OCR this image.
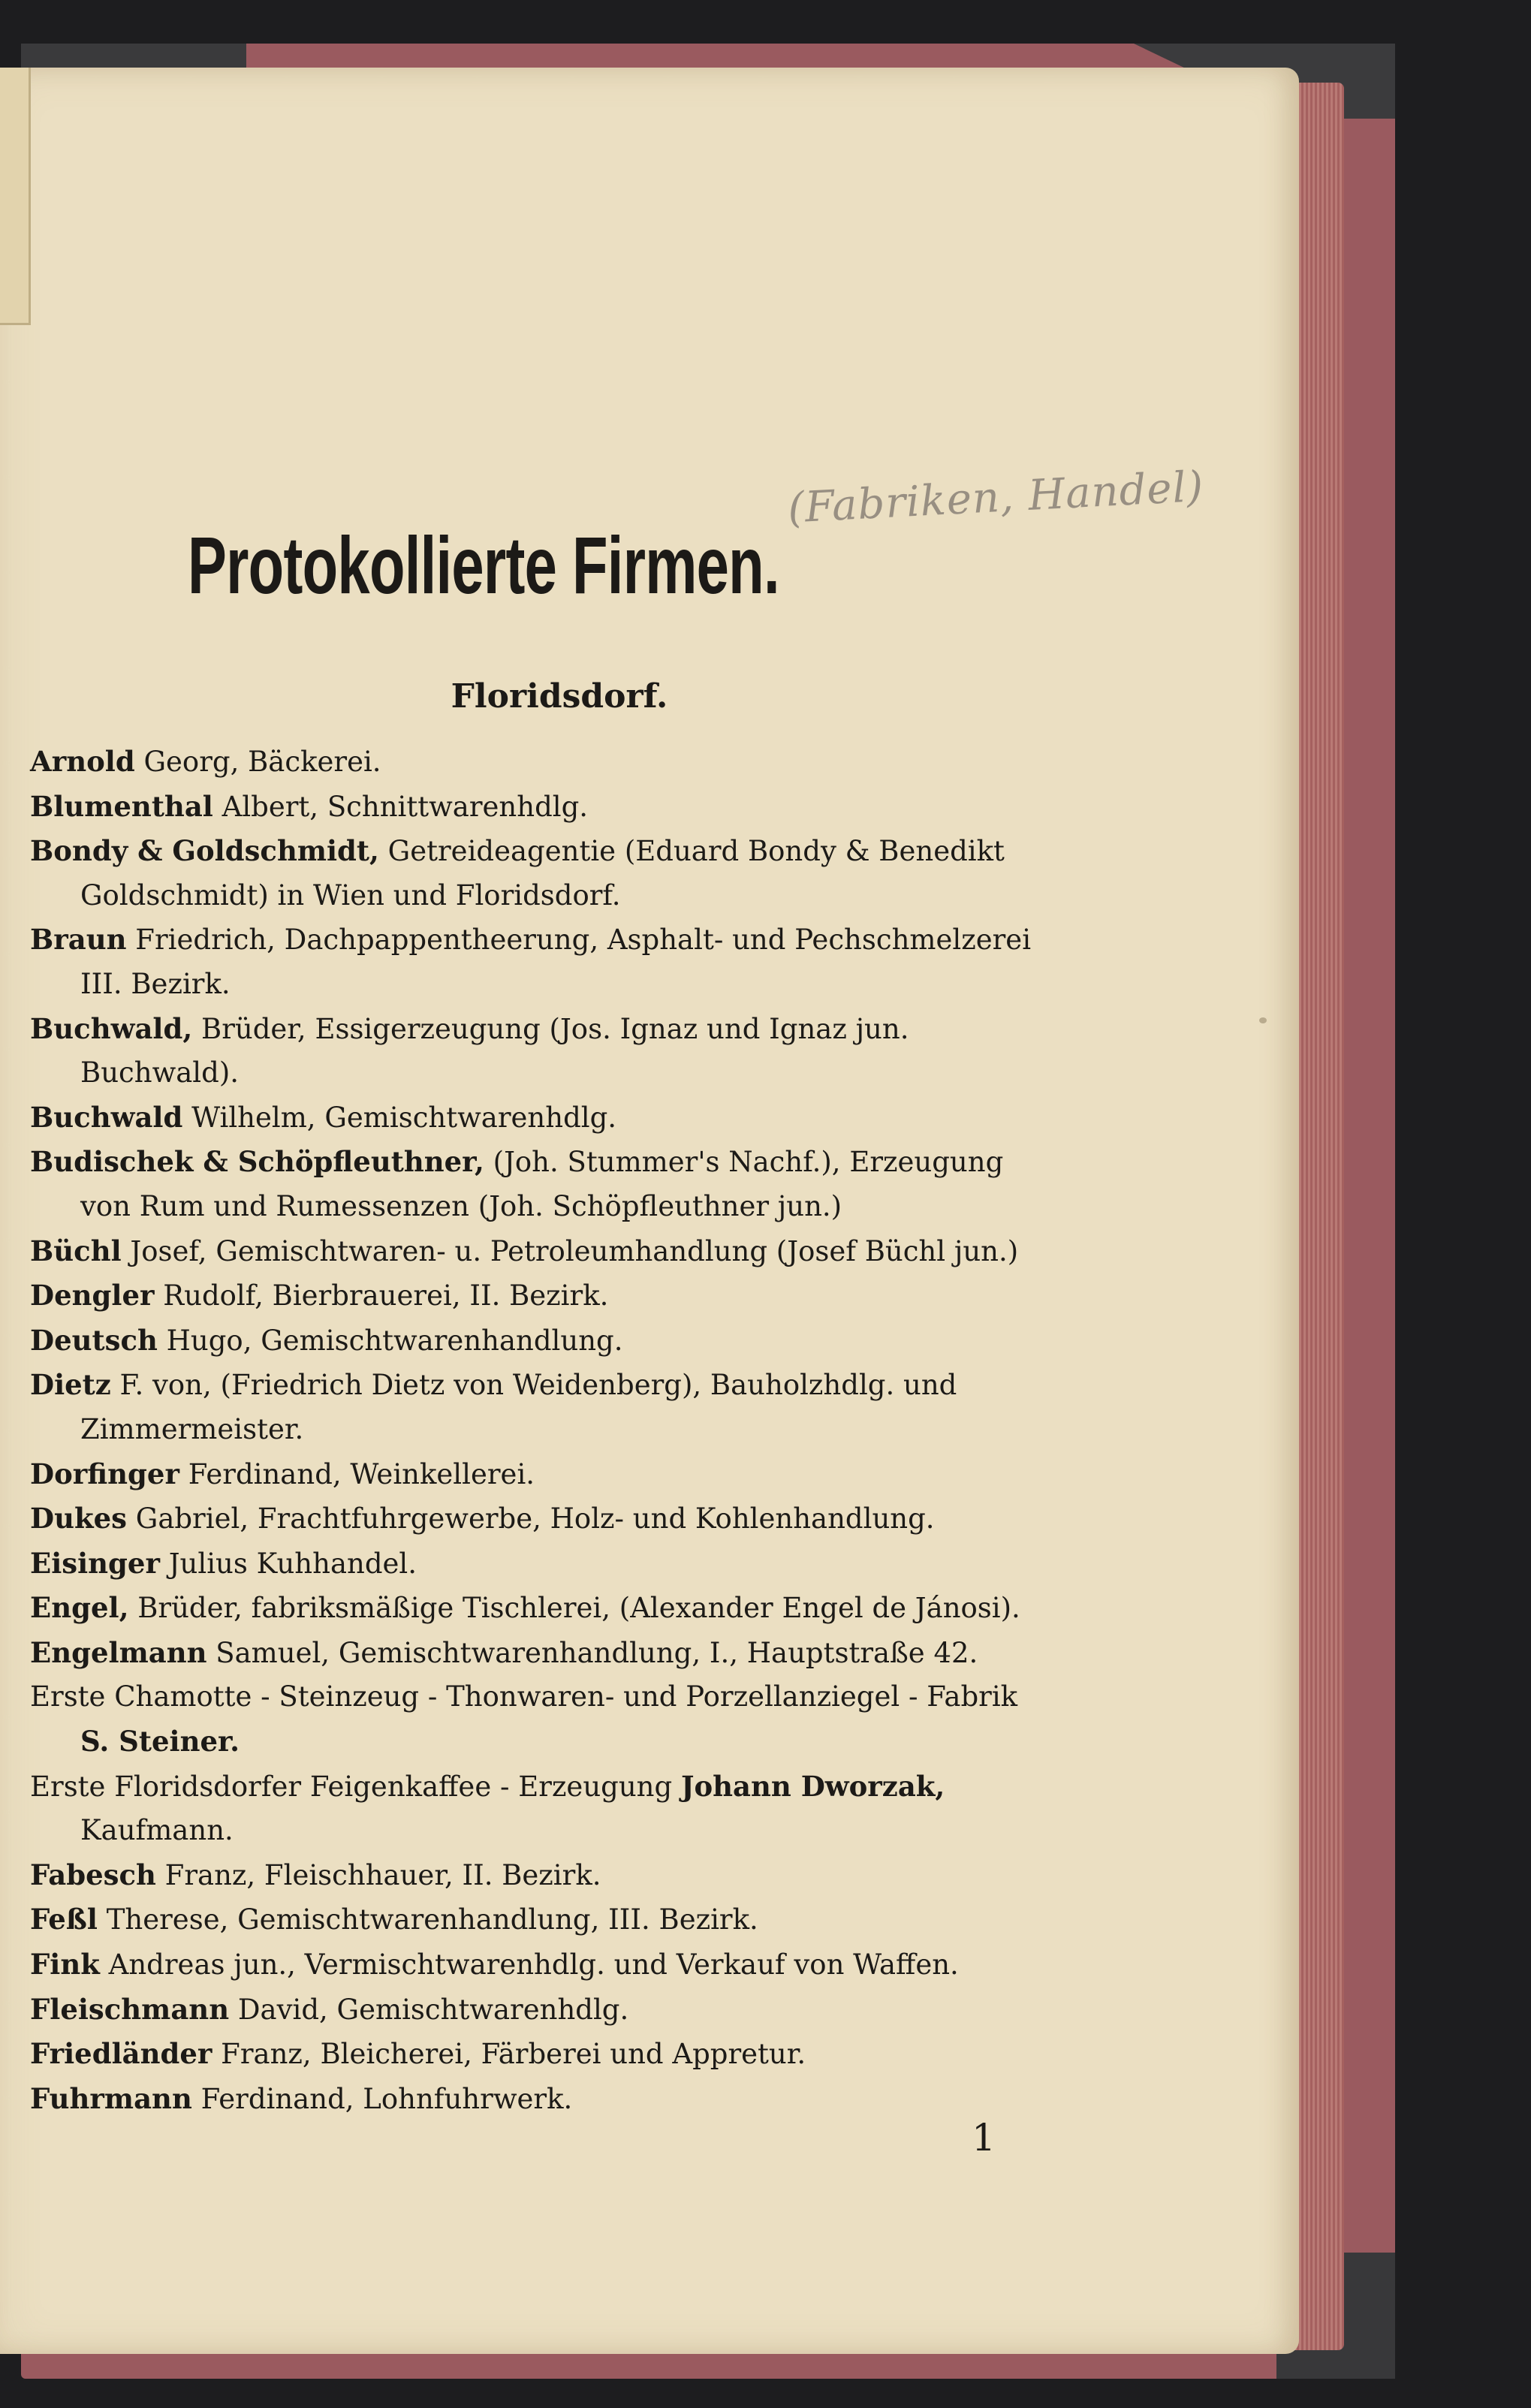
(Fabriken, Handel)
Protokollierte Firmen.
Floridsdorf.
Arnold Georg, Bäckerei.
Blumenthal Albert, Schnittwarenhdlg.
Bondy & Goldschmidt, Getreideagentie (Eduard Bondy & Benedikt
Goldschmidt) in Wien und Floridsdorf.
Braun Friedrich, Dachpappentheerung, Asphalt- und Pechschmelzerei
III. Bezirk.
Buchwald, Brüder, Essigerzeugung (Jos. Ignaz und Ignaz jun.
Buchwald).
Buchwald Wilhelm, Gemischtwarenhdlg.
Budischek & Schöpfleuthner, (Joh. Stummer's Nachf.), Erzeugung
von Rum und Rumessenzen (Joh. Schöpfleuthner jun.)
Büchl Josef, Gemischtwaren- u. Petroleumhandlung (Josef Büchl jun.)
Dengler Rudolf, Bierbrauerei, II. Bezirk.
Deutsch Hugo, Gemischtwarenhandlung.
Dietz F. von, (Friedrich Dietz von Weidenberg), Bauholzhdlg. und
Zimmermeister.
Dorfinger Ferdinand, Weinkellerei.
Dukes Gabriel, Frachtfuhrgewerbe, Holz- und Kohlenhandlung.
Eisinger Julius Kuhhandel.
Engel, Brüder, fabriksmäßige Tischlerei, (Alexander Engel de Jánosi).
Engelmann Samuel, Gemischtwarenhandlung, I., Hauptstraße 42.
Erste Chamotte - Steinzeug - Thonwaren- und Porzellanziegel - Fabrik
S. Steiner.
Erste Floridsdorfer Feigenkaffee - Erzeugung Johann Dworzak,
Kaufmann.
Fabesch Franz, Fleischhauer, II. Bezirk.
Feßl Therese, Gemischtwarenhandlung, III. Bezirk.
Fink Andreas jun., Vermischtwarenhdlg. und Verkauf von Waffen.
Fleischmann David, Gemischtwarenhdlg.
Friedländer Franz, Bleicherei, Färberei und Appretur.
Fuhrmann Ferdinand, Lohnfuhrwerk.
1
